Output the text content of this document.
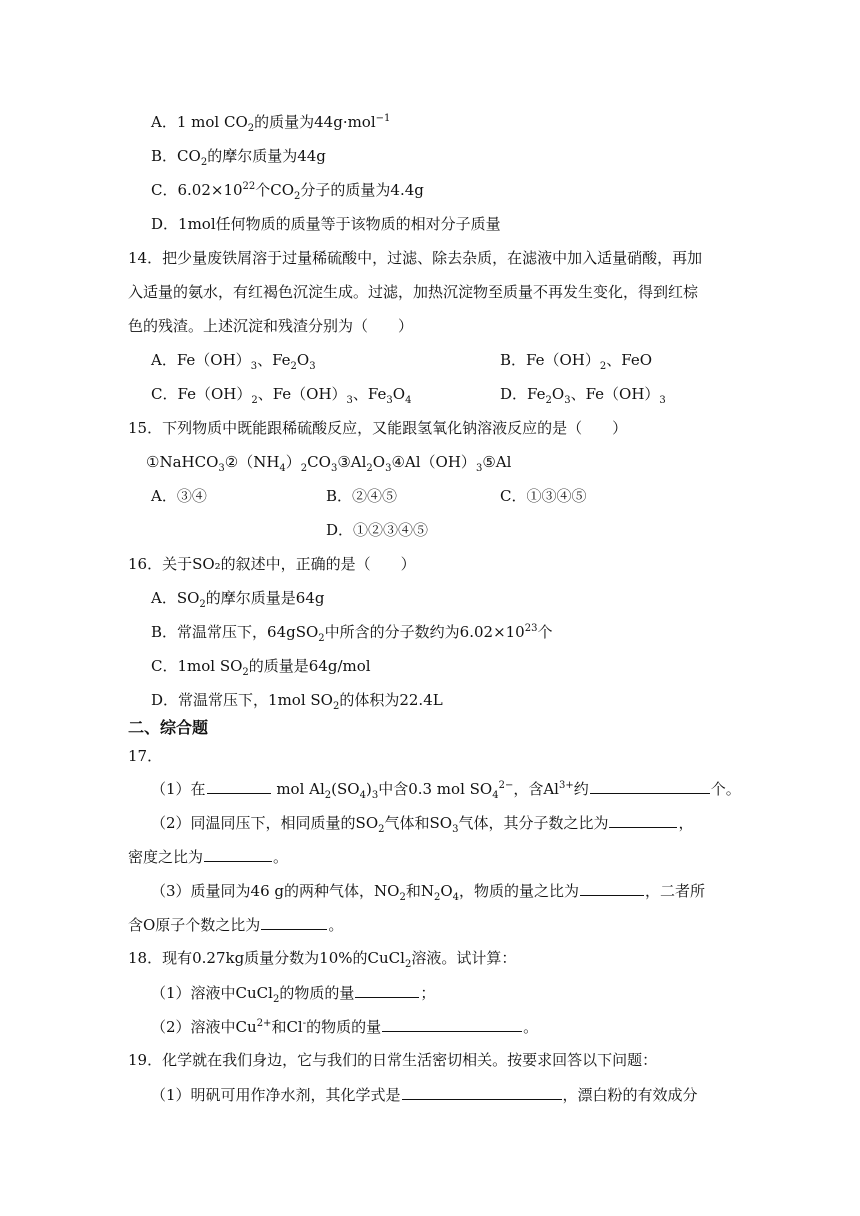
A．1 mol $CO_2$的质量为44g·mol$^{-1}$
B．$CO_2$的摩尔质量为44g
C．$6.02\times 10^{22}$个$CO_2$分子的质量为4.4g
D．1mol任何物质的质量等于该物质的相对分子质量
14．把少量废铁屑溶于过量稀硫酸中，过滤、除去杂质，在滤液中加入适量硝酸，再加
入适量的氨水，有红褐色沉淀生成。过滤，加热沉淀物至质量不再发生变化，得到红棕
色的残渣。上述沉淀和残渣分别为（　　）
A．$Fe(OH)_3$、$Fe_2O_3$	B．$Fe(OH)_2$、FeO
C．$Fe(OH)_2$、$Fe(OH)_3$、$Fe_3O_4$	D．$Fe_2O_3$、$Fe(OH)_3$
15．下列物质中既能跟稀硫酸反应，又能跟氢氧化钠溶液反应的是（　　）
$①NaHCO_3②(NH_4)_2CO_3③Al_2O_3④Al(OH)_3⑤Al$
A．③④	B．②④⑤	C．①③④⑤
D．①②③④⑤
16．关于SO₂的叙述中，正确的是（　　）
A．$SO_2$的摩尔质量是64g
B．常温常压下，64gSO$_2$中所含的分子数约为$6.02\times 10^{23}$个
C．1mol $SO_2$的质量是64g/mol
D．常温常压下，1mol $SO_2$的体积为22.4L
二、综合题
17．
（1）在	mol $Al_2(SO_4)_3$中含0.3 mol $SO_4^{2-}$，含$Al^{3+}$约	个。
（2）同温同压下，相同质量的$SO_2$气体和$SO_3$气体，其分子数之比为	，
密度之比为	。
（3）质量同为46 g的两种气体，$NO_2$和$N_2O_4$，物质的量之比为	，二者所
含O原子个数之比为	。
18．现有0.27kg质量分数为10%的CuCl$_2$溶液。试计算：
（1）溶液中CuCl$_2$的物质的量	；
（2）溶液中$Cu^{2+}$和Cl-的物质的量	。
19．化学就在我们身边，它与我们的日常生活密切相关。按要求回答以下问题：
（1）明矾可用作净水剂，其化学式是	，漂白粉的有效成分
